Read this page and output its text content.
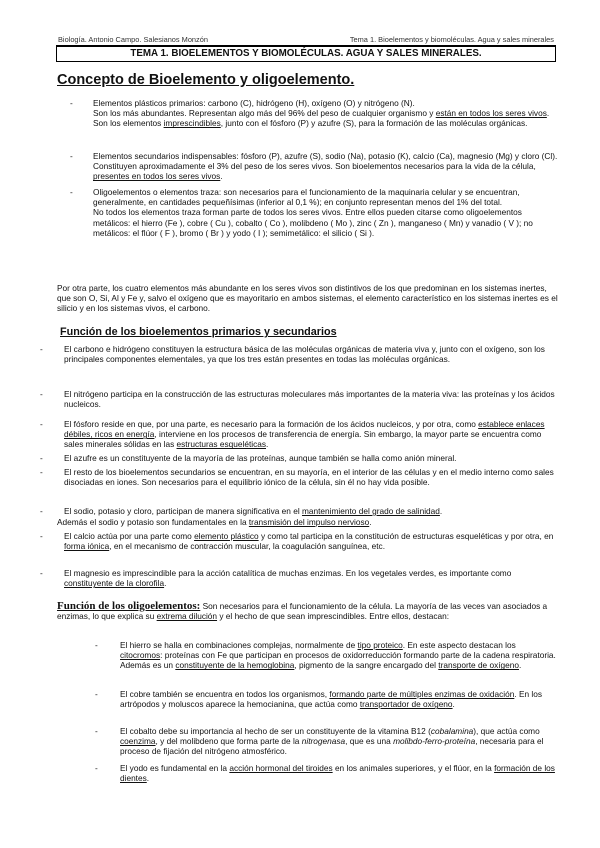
Biología. Antonio Campo. Salesianos Monzón	Tema 1. Bioelementos y biomoléculas. Agua y sales minerales
TEMA 1. BIOELEMENTOS Y BIOMOLÉCULAS. AGUA Y SALES MINERALES.
Concepto de Bioelemento y oligoelemento.
- Elementos plásticos primarios: carbono (C), hidrógeno (H), oxígeno (O) y nitrógeno (N).
Son los más abundantes. Representan algo más del 96% del peso de cualquier organismo y están en todos los seres vivos. Son los elementos imprescindibles, junto con el fósforo (P) y azufre (S), para la formación de las moléculas orgánicas.
- Elementos secundarios indispensables: fósforo (P), azufre (S), sodio (Na), potasio (K), calcio (Ca), magnesio (Mg) y cloro (Cl). Constituyen aproximadamente el 3% del peso de los seres vivos. Son bioelementos necesarios para la vida de la célula, presentes en todos los seres vivos.
- Oligoelementos o elementos traza: son necesarios para el funcionamiento de la maquinaria celular y se encuentran, generalmente, en cantidades pequeñísimas (inferior al 0,1 %); en conjunto representan menos del 1% del total.
No todos los elementos traza forman parte de todos los seres vivos. Entre ellos pueden citarse como oligoelementos metálicos: el hierro (Fe ), cobre ( Cu ), cobalto ( Co ), molibdeno ( Mo ), zinc ( Zn ), manganeso ( Mn) y vanadio ( V ); no metálicos: el flúor ( F ), bromo ( Br ) y yodo ( I ); semimetálico: el silicio ( Si ).
Por otra parte, los cuatro elementos más abundante en los seres vivos son distintivos de los que predominan en los sistemas inertes, que son O, Si, Al y Fe y, salvo el oxígeno que es mayoritario en ambos sistemas, el elemento característico en los sistemas inertes es el silicio y en los sistemas vivos, el carbono.
Función de los bioelementos primarios y secundarios
-	El carbono e hidrógeno constituyen la estructura básica de las moléculas orgánicas de materia viva y, junto con el oxígeno, son los principales componentes elementales, ya que los tres están presentes en todas las moléculas orgánicas.
-	El nitrógeno participa en la construcción de las estructuras moleculares más importantes de la materia viva: las proteínas y los ácidos nucleicos.
-	El fósforo reside en que, por una parte, es necesario para la formación de los ácidos nucleicos, y por otra, como establece enlaces débiles, ricos en energía, interviene en los procesos de transferencia de energía. Sin embargo, la mayor parte se encuentra como sales minerales sólidas en las estructuras esqueléticas.
-	El azufre es un constituyente de la mayoría de las proteínas, aunque también se halla como anión mineral.
-	El resto de los bioelementos secundarios se encuentran, en su mayoría, en el interior de las células y en el medio interno como sales disociadas en iones. Son necesarios para el equilibrio iónico de la célula, sin él no hay vida posible.
-	El sodio, potasio y cloro, participan de manera significativa en el mantenimiento del grado de salinidad.
Además el sodio y potasio son fundamentales en la transmisión del impulso nervioso.
-	El calcio actúa por una parte como elemento plástico y como tal participa en la constitución de estructuras esqueléticas y por otra, en forma iónica, en el mecanismo de contracción muscular, la coagulación sanguínea, etc.
-	El magnesio es imprescindible para la acción catalítica de muchas enzimas. En los vegetales verdes, es importante como constituyente de la clorofila.
Función de los oligoelementos: Son necesarios para el funcionamiento de la célula. La mayoría de las veces van asociados a enzimas, lo que explica su extrema dilución y el hecho de que sean imprescindibles. Entre ellos, destacan:
-	El hierro se halla en combinaciones complejas, normalmente de tipo proteico. En este aspecto destacan los citocromos: proteínas con Fe que participan en procesos de oxidorreducción formando parte de la cadena respiratoria. Además es un constituyente de la hemoglobina, pigmento de la sangre encargado del transporte de oxígeno.
-	El cobre también se encuentra en todos los organismos, formando parte de múltiples enzimas de oxidación. En los artrópodos y moluscos aparece la hemocianina, que actúa como transportador de oxígeno.
-	El cobalto debe su importancia al hecho de ser un constituyente de la vitamina B12 (cobalamina), que actúa como coenzima, y del molibdeno que forma parte de la nitrogenasa, que es una molibdo-ferro-proteína, necesaria para el proceso de fijación del nitrógeno atmosférico.
-	El yodo es fundamental en la acción hormonal del tiroides en los animales superiores, y el flúor, en la formación de los dientes.
